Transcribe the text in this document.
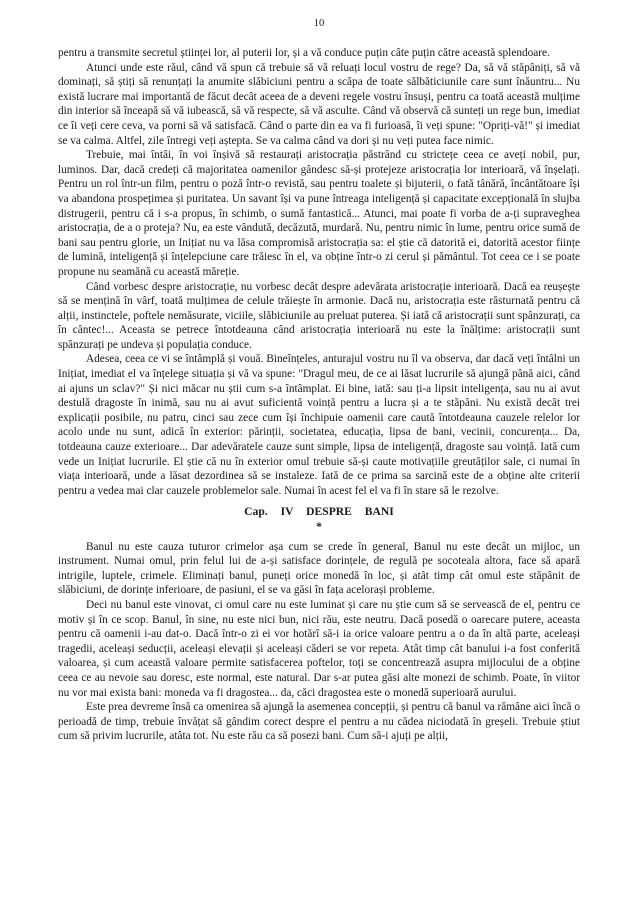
10

pentru a transmite secretul științei lor, al puterii lor, și a vă conduce puțin câte puțin către această splendoare.

Atunci unde este răul, când vă spun că trebuie să vă reluați locul vostru de rege? Da, să vă stăpâniți, să vă dominați, să știți să renunțați la anumite slăbiciuni pentru a scăpa de toate sălbăticiunile care sunt înăuntru... Nu există lucrare mai importantă de făcut decât aceea de a deveni regele vostru însuși, pentru ca toată această mulțime din interior să înceapă să vă iubească, să vă respecte, să vă asculte. Când vă observă că sunteți un rege bun, imediat ce îi veți cere ceva, va porni să vă satisfacă. Când o parte din ea va fi furioasă, îi veți spune: "Opriți-vă!" și imediat se va calma. Altfel, zile întregi veți aștepta. Se va calma când va dori și nu veți putea face nimic.

Trebuie, mai întâi, în voi înșivă să restaurați aristocrația păstrând cu strictețe ceea ce aveți nobil, pur, luminos. Dar, dacă credeți că majoritatea oamenilor gândesc să-și protejeze aristocrația lor interioară, vă înșelați. Pentru un rol într-un film, pentru o poză într-o revistă, sau pentru toalete și bijuterii, o fată tânără, încântătoare își va abandona prospețimea și puritatea. Un savant își va pune întreaga inteligență și capacitate excepțională în slujba distrugerii, pentru că i s-a propus, în schimb, o sumă fantastică... Atunci, mai poate fi vorba de a-ți supraveghea aristocrația, de a o proteja? Nu, ea este vândută, decăzută, murdară. Nu, pentru nimic în lume, pentru orice sumă de bani sau pentru glorie, un Inițiat nu va lăsa compromisă aristocrația sa: el știe că datorită ei, datorită acestor ființe de lumină, inteligență și înțelepciune care trăiesc în el, va obține într-o zi cerul și pământul. Tot ceea ce i se poate propune nu seamănă cu această măreție.

Când vorbesc despre aristocrație, nu vorbesc decât despre adevărata aristocrație interioară. Dacă ea reușește să se mențină în vârf, toată mulțimea de celule trăiește în armonie. Dacă nu, aristocrația este răsturnată pentru că alții, instinctele, poftele nemăsurate, viciile, slăbiciunile au preluat puterea. Și iată că aristocrații sunt spânzurați, ca în cântec!... Aceasta se petrece întotdeauna când aristocrația interioară nu este la înălțime: aristocrații sunt spânzurați pe undeva și populația conduce.

Adesea, ceea ce vi se întâmplă și vouă. Bineînțeles, anturajul vostru nu îl va observa, dar dacă veți întâlni un Inițiat, imediat el va înțelege situația și vă va spune: "Dragul meu, de ce ai lăsat lucrurile să ajungă până aici, când ai ajuns un sclav?" Și nici măcar nu știi cum s-a întâmplat. Ei bine, iată: sau ți-a lipsit inteligența, sau nu ai avut destulă dragoste în inimă, sau nu ai avut suficientă voință pentru a lucra și a te stăpâni. Nu există decât trei explicații posibile, nu patru, cinci sau zece cum își închipuie oamenii care caută întotdeauna cauzele relelor lor acolo unde nu sunt, adică în exterior: părinții, societatea, educația, lipsa de bani, vecinii, concurența... Da, totdeauna cauze exterioare... Dar adevăratele cauze sunt simple, lipsa de inteligență, dragoste sau voință. Iată cum vede un Inițiat lucrurile. El știe că nu în exterior omul trebuie să-și caute motivațiile greutăților sale, ci numai în viața interioară, unde a lăsat dezordinea să se instaleze. Iată de ce prima sa sarcină este de a obține alte criterii pentru a vedea mai clar cauzele problemelor sale. Numai în acest fel el va fi în stare să le rezolve.

Cap. IV DESPRE BANI

*

Banul nu este cauza tuturor crimelor așa cum se crede în general, Banul nu este decât un mijloc, un instrument. Numai omul, prin felul lui de a-și satisface dorințele, de regulă pe socoteala altora, face să apară intrigile, luptele, crimele. Eliminați banul, puneți orice monedă în loc, și atât timp cât omul este stăpânit de slăbiciuni, de dorințe inferioare, de pasiuni, el se va găsi în fața acelorași probleme.

Deci nu banul este vinovat, ci omul care nu este luminat și care nu știe cum să se servească de el, pentru ce motiv și în ce scop. Banul, în sine, nu este nici bun, nici rău, este neutru. Dacă posedă o oarecare putere, aceasta pentru că oamenii i-au dat-o. Dacă într-o zi ei vor hotărî să-i ia orice valoare pentru a o da în altă parte, aceleași tragedii, aceleași seducții, aceleași elevații și aceleași căderi se vor repeta. Atât timp cât banului i-a fost conferită valoarea, și cum această valoare permite satisfacerea poftelor, toți se concentrează asupra mijlocului de a obține ceea ce au nevoie sau doresc, este normal, este natural. Dar s-ar putea găsi alte monezi de schimb. Poate, în viitor nu vor mai exista bani: moneda va fi dragostea... da, căci dragostea este o monedă superioară aurului.

Este prea devreme însă ca omenirea să ajungă la asemenea concepții, și pentru că banul va rămâne aici încă o perioadă de timp, trebuie învățat să gândim corect despre el pentru a nu cădea niciodată în greșeli. Trebuie știut cum să privim lucrurile, atâta tot. Nu este rău ca să posezi bani. Cum să-i ajuți pe alții,
